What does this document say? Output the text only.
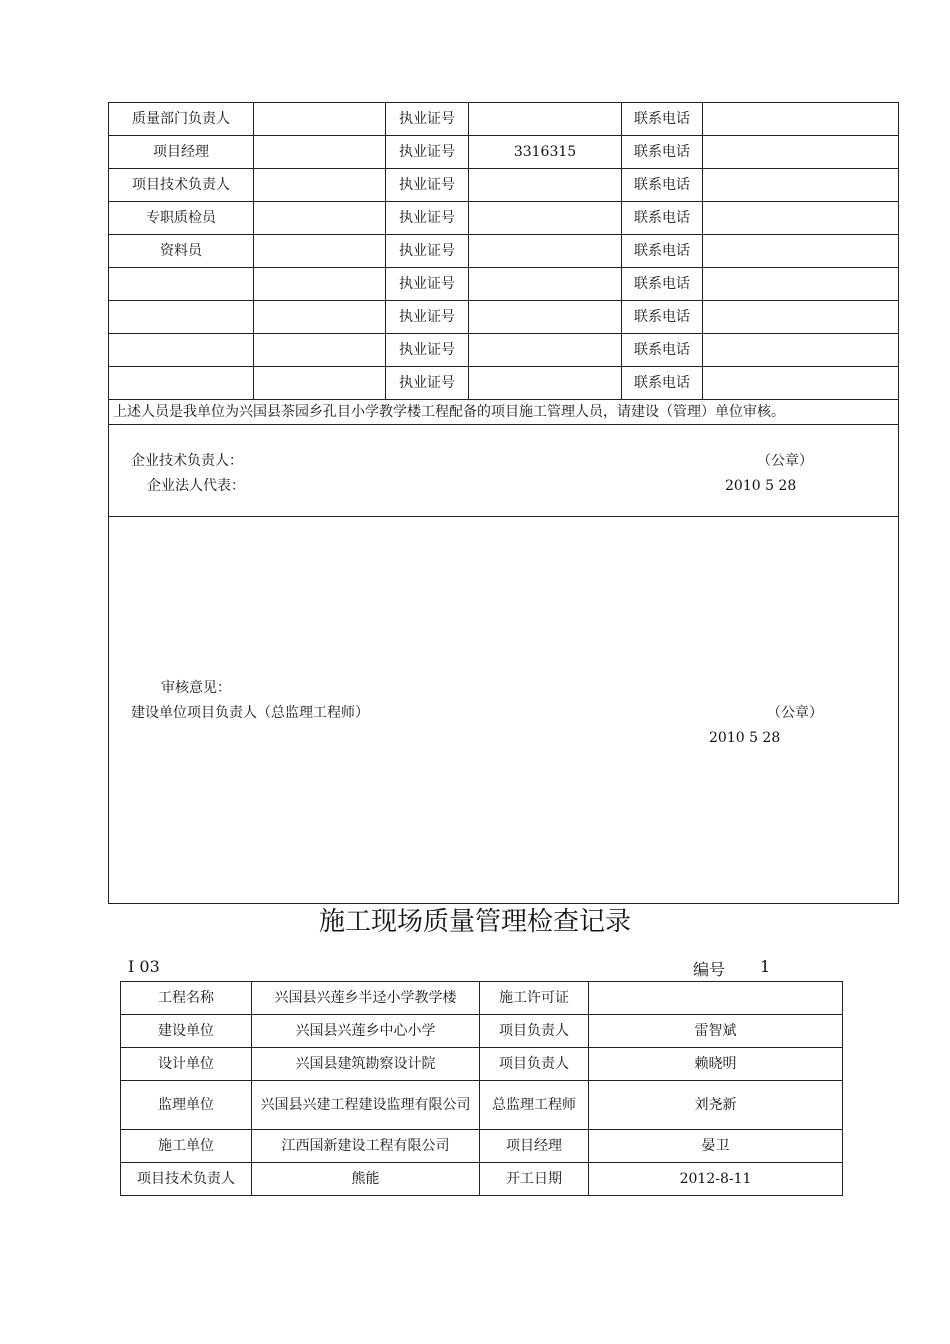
质量部门负责人		执业证号		联系电话	
项目经理		执业证号	3316315	联系电话	
项目技术负责人		执业证号		联系电话	
专职质检员		执业证号		联系电话	
资料员		执业证号		联系电话	
		执业证号		联系电话	
		执业证号		联系电话	
		执业证号		联系电话	
		执业证号		联系电话	
上述人员是我单位为兴国县茶园乡孔目小学教学楼工程配备的项目施工管理人员，请建设（管理）单位审核。					

企业技术负责人：
企业法人代表：
（公章）
2010 5 28					

审核意见：
建设单位项目负责人（总监理工程师） （公章）
2010 5 28					
施工现场质量管理检查记录
I 03	编号 1
工程名称	兴国县兴莲乡半迳小学教学楼	施工许可证	
建设单位	兴国县兴莲乡中心小学	项目负责人	雷智斌
设计单位	兴国县建筑勘察设计院	项目负责人	赖晓明
监理单位	兴国县兴建工程建设监理有限公司	总监理工程师	刘尧新
施工单位	江西国新建设工程有限公司	项目经理	晏卫
项目技术负责人	熊能	开工日期	2012-8-11
